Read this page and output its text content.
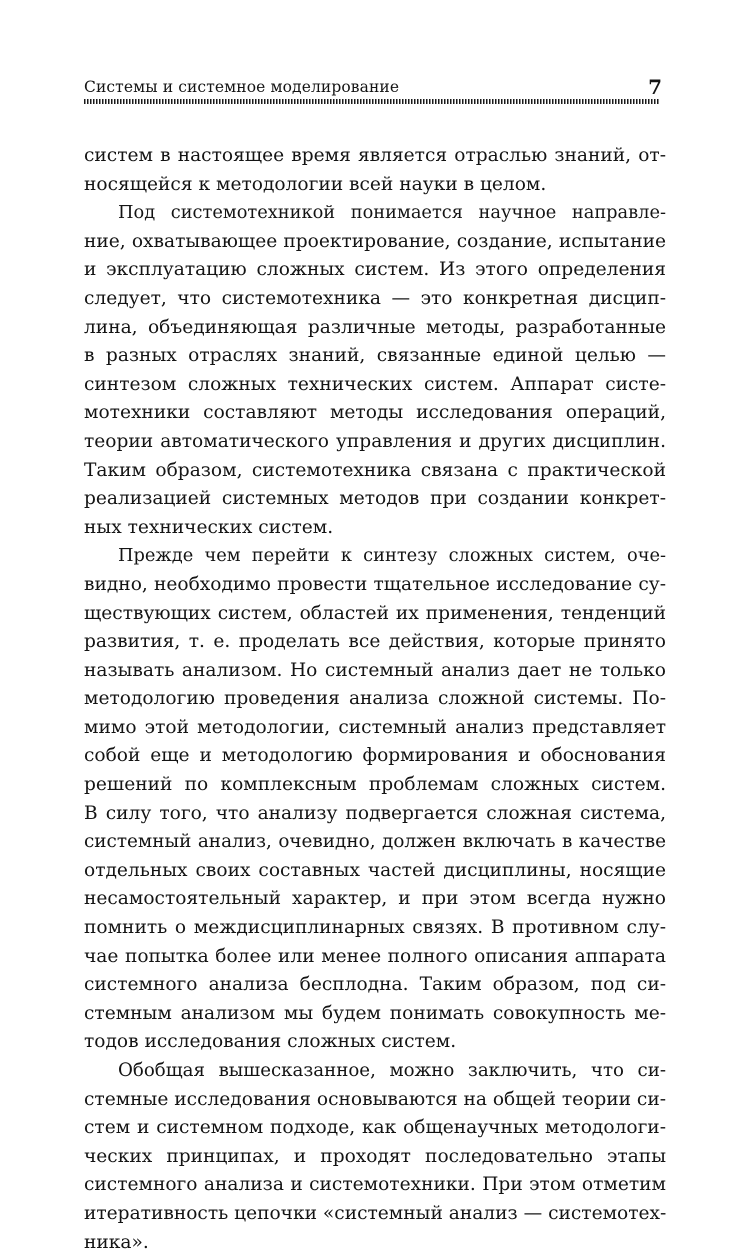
Системы и системное моделирование	7
систем в настоящее время является отраслью знаний, от-
носящейся к методологии всей науки в целом.
Под системотехникой понимается научное направле-
ние, охватывающее проектирование, создание, испытание
и эксплуатацию сложных систем. Из этого определения
следует, что системотехника — это конкретная дисцип-
лина, объединяющая различные методы, разработанные
в разных отраслях знаний, связанные единой целью —
синтезом сложных технических систем. Аппарат систе-
мотехники составляют методы исследования операций,
теории автоматического управления и других дисциплин.
Таким образом, системотехника связана с практической
реализацией системных методов при создании конкрет-
ных технических систем.
Прежде чем перейти к синтезу сложных систем, оче-
видно, необходимо провести тщательное исследование су-
ществующих систем, областей их применения, тенденций
развития, т. е. проделать все действия, которые принято
называть анализом. Но системный анализ дает не только
методологию проведения анализа сложной системы. По-
мимо этой методологии, системный анализ представляет
собой еще и методологию формирования и обоснования
решений по комплексным проблемам сложных систем.
В силу того, что анализу подвергается сложная система,
системный анализ, очевидно, должен включать в качестве
отдельных своих составных частей дисциплины, носящие
несамостоятельный характер, и при этом всегда нужно
помнить о междисциплинарных связях. В противном слу-
чае попытка более или менее полного описания аппарата
системного анализа бесплодна. Таким образом, под си-
стемным анализом мы будем понимать совокупность ме-
тодов исследования сложных систем.
Обобщая вышесказанное, можно заключить, что си-
стемные исследования основываются на общей теории си-
стем и системном подходе, как общенаучных методологи-
ческих принципах, и проходят последовательно этапы
системного анализа и системотехники. При этом отметим
итеративность цепочки «системный анализ — системотех-
ника».
